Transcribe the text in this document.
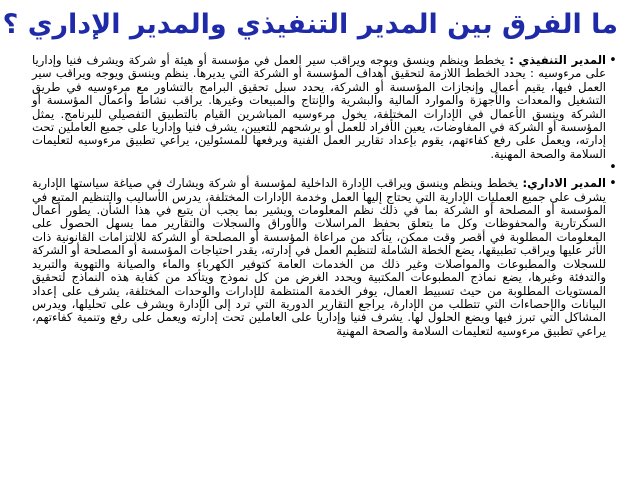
ما الفرق بين المدير التنفيذي والمدير الإداري ؟
•
المدير التنفيذي : يخطط وينظم وينسق ويوجه ويراقب سير العمل في مؤسسة أو هيئة أو شركة ويشرف فنيا وإداريا على مرءوسيه : يحدد الخطط اللازمة لتحقيق أهداف المؤسسة أو الشركة التي يديرها. ينظم وينسق ويوجه ويراقب سير العمل فيها، يقيم أعمال وإنجازات المؤسسة أو الشركة، يحدد سبل تحقيق البرامج بالتشاور مع مرءوسيه في طريق التشغيل والمعدات والأجهزة والموارد المالية والبشرية والإنتاج والمبيعات وغيرها. يراقب نشاط وأعمال المؤسسة أو الشركة وينسق الأعمال في الإدارات المختلفة، يخول مرءوسيه المباشرين القيام بالتطبيق التفصيلي للبرنامج. يمثل المؤسسة أو الشركة في المفاوضات، يعين الأفراد للعمل أو يرشحهم للتعيين، يشرف فنيا وإداريا على جميع العاملين تحت إدارته، ويعمل على رفع كفاءتهم، يقوم بإعداد تقارير العمل الفنية ويرفعها للمسئولين، يراعي تطبيق مرءوسيه لتعليمات السلامة والصحة المهنية.
•
•
المدير الاداري: يخطط وينظم وينسق ويراقب الإدارة الداخلية لمؤسسة أو شركة ويشارك في صياغة سياستها الإدارية يشرف على جميع العمليات الإدارية التي يحتاج إليها العمل وخدمة الإدارات المختلفة، يدرس الأساليب والتنظيم المتبع في المؤسسة أو المصلحة أو الشركة بما في ذلك نظم المعلومات ويشير بما يجب أن يتبع في هذا الشأن. يطور أعمال السكرتارية والمحفوظات وكل ما يتعلق بحفظ المراسلات والأوراق والسجلات والتقارير مما يسهل الحصول على المعلومات المطلوبة في أقصر وقت ممكن، يتأكد من مراعاة المؤسسة أو المصلحة أو الشركة للالتزامات القانونية ذات الأثر عليها ويراقب تطبيقها، يضع الخطة الشاملة لتنظيم العمل في إدارته، يقدر احتياجات المؤسسة أو المصلحة أو الشركة للسجلات والمطبوعات والمواصلات وغير ذلك من الخدمات العامة كتوفير الكهرباء والماء والصيانة والتهوية والتبريد والتدفئة وغيرها، يضع نماذج المطبوعات المكتبية ويحدد الغرض من كل نموذج ويتأكد من كفاية هذه النماذج لتحقيق المستويات المطلوبة من حيث تسبيط العمال، يوفر الخدمة المنتظمة للإدارات والوحدات المختلفة، يشرف على إعداد البيانات والإحصاءات التي تتطلب من الإدارة، يراجع التقارير الدورية التي ترد إلى الإدارة ويشرف على تحليلها، ويدرس المشاكل التي تبرز فيها ويضع الحلول لها. يشرف فنيا وإداريا على العاملين تحت إدارته ويعمل على رفع وتنمية كفاءتهم، يراعي تطبيق مرءوسيه لتعليمات السلامة والصحة المهنية
